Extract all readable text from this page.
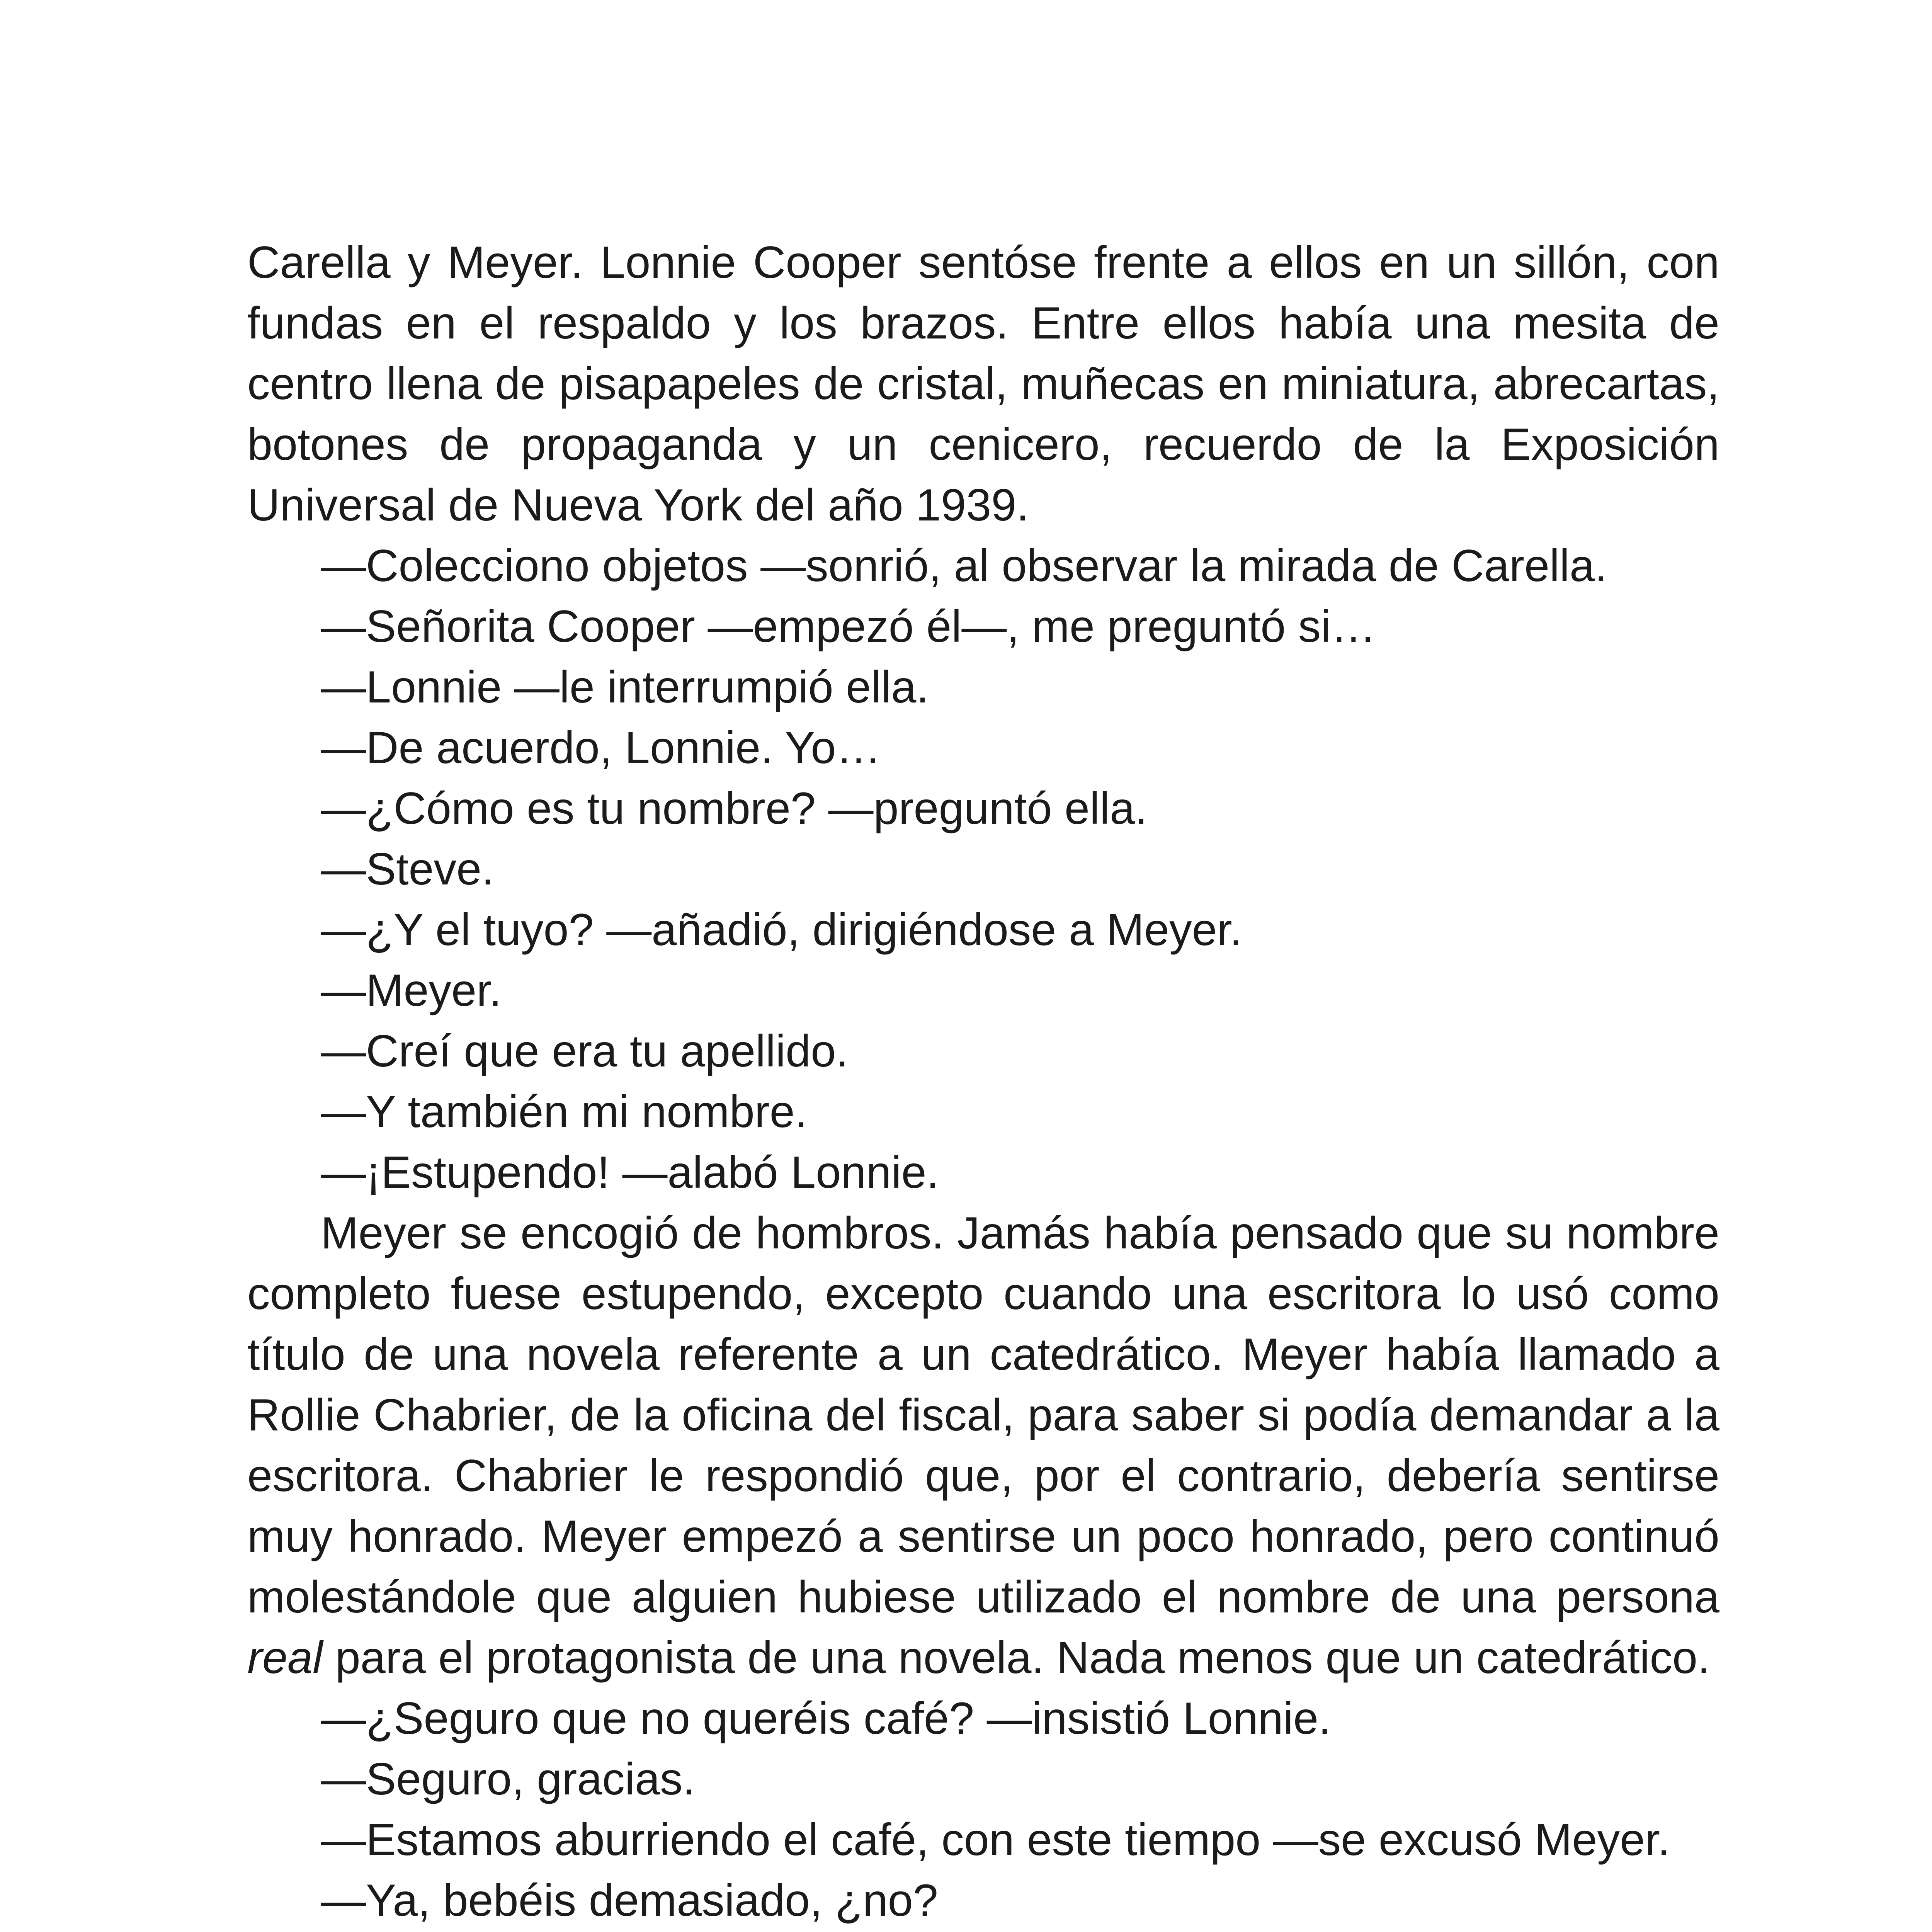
Carella y Meyer. Lonnie Cooper sentóse frente a ellos en un sillón, con fundas en el respaldo y los brazos. Entre ellos había una mesita de centro llena de pisapapeles de cristal, muñecas en miniatura, abrecartas, botones de propaganda y un cenicero, recuerdo de la Exposición Universal de Nueva York del año 1939.

—Colecciono objetos —sonrió, al observar la mirada de Carella.

—Señorita Cooper —empezó él—, me preguntó si…

—Lonnie —le interrumpió ella.

—De acuerdo, Lonnie. Yo…

—¿Cómo es tu nombre? —preguntó ella.

—Steve.

—¿Y el tuyo? —añadió, dirigiéndose a Meyer.

—Meyer.

—Creí que era tu apellido.

—Y también mi nombre.

—¡Estupendo! —alabó Lonnie.

Meyer se encogió de hombros. Jamás había pensado que su nombre completo fuese estupendo, excepto cuando una escritora lo usó como título de una novela referente a un catedrático. Meyer había llamado a Rollie Chabrier, de la oficina del fiscal, para saber si podía demandar a la escritora. Chabrier le respondió que, por el contrario, debería sentirse muy honrado. Meyer empezó a sentirse un poco honrado, pero continuó molestándole que alguien hubiese utilizado el nombre de una persona real para el protagonista de una novela. Nada menos que un catedrático.

—¿Seguro que no queréis café? —insistió Lonnie.

—Seguro, gracias.

—Estamos aburriendo el café, con este tiempo —se excusó Meyer.

—Ya, bebéis demasiado, ¿no?
